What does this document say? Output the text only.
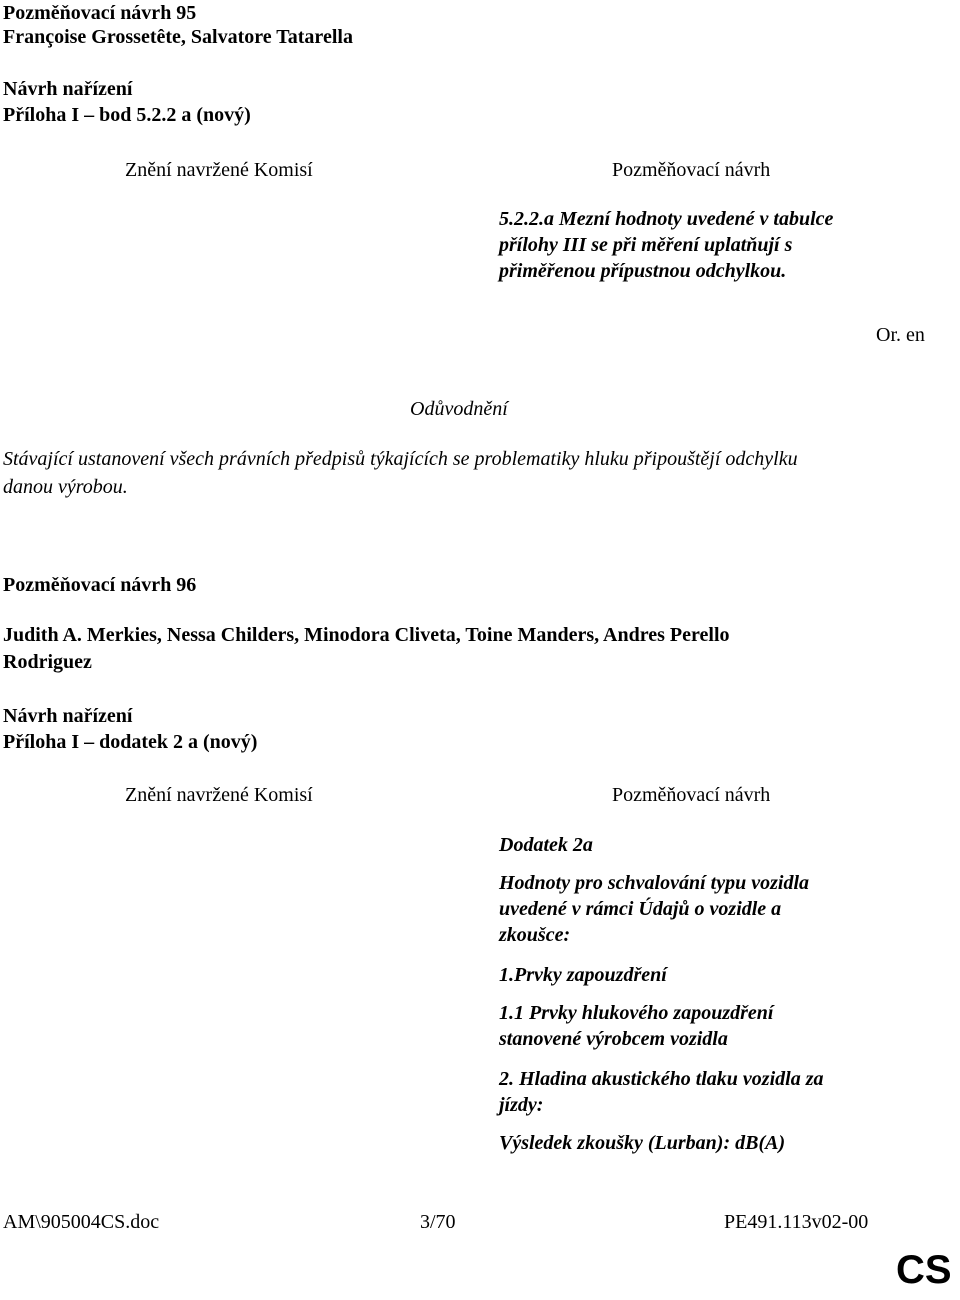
Pozměňovací návrh 95
Françoise Grossetête, Salvatore Tatarella
Návrh nařízení
Příloha I – bod 5.2.2 a (nový)
Znění navržené Komisí	Pozměňovací návrh

5.2.2.a Mezní hodnoty uvedené v tabulce

přílohy III se při měření uplatňují s

přiměřenou přípustnou odchylkou.

Or. en
Odůvodnění
Stávající ustanovení všech právních předpisů týkajících se problematiky hluku připouštějí odchylku
danou výrobou.
Pozměňovací návrh 96
Judith A. Merkies, Nessa Childers, Minodora Cliveta, Toine Manders, Andres Perello
Rodriguez
Návrh nařízení
Příloha I – dodatek 2 a (nový)
Znění navržené Komisí	Pozměňovací návrh
Dodatek 2a

Hodnoty pro schvalování typu vozidla

uvedené v rámci Údajů o vozidle a

zkoušce:

1.Prvky zapouzdření

1.1 Prvky hlukového zapouzdření

stanovené výrobcem vozidla

2. Hladina akustického tlaku vozidla za

jízdy:

Výsledek zkoušky (Lurban): dB(A)
AM\905004CS.doc	3/70	PE491.113v02-00
CS
